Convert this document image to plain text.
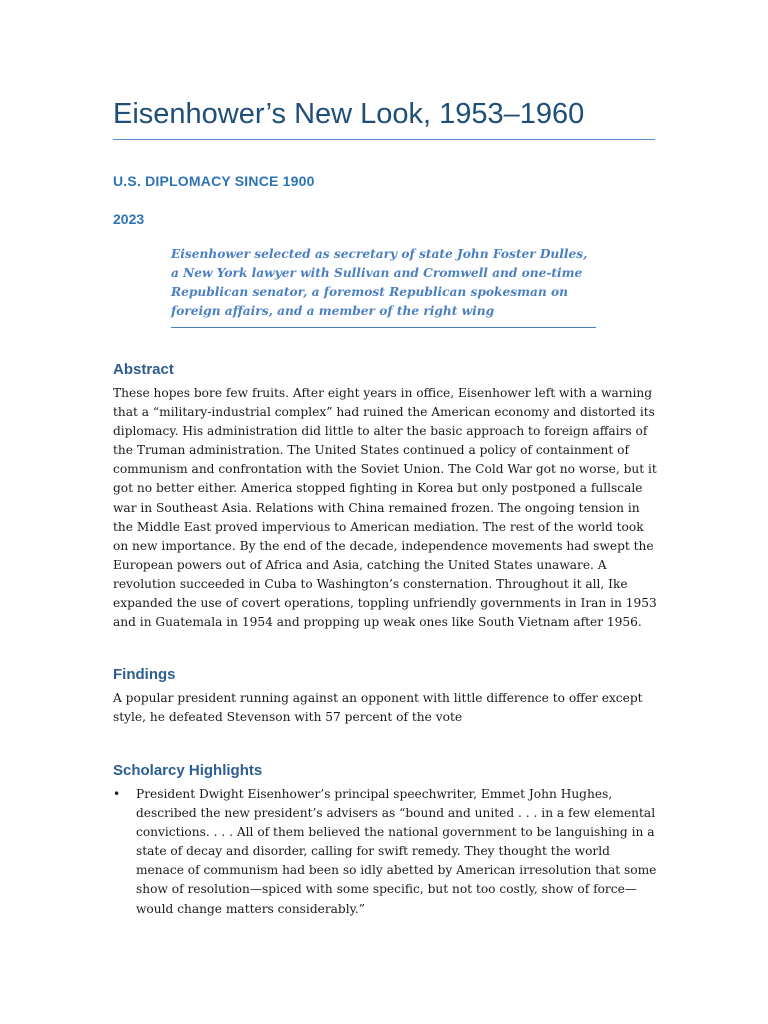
Eisenhower’s New Look, 1953–1960
U.S. DIPLOMACY SINCE 1900
2023

Eisenhower selected as secretary of state John Foster Dulles, a New York lawyer with Sullivan and Cromwell and one-time Republican senator, a foremost Republican spokesman on foreign affairs, and a member of the right wing

Abstract

These hopes bore few fruits. After eight years in office, Eisenhower left with a warning that a “military-industrial complex” had ruined the American economy and distorted its diplomacy. His administration did little to alter the basic approach to foreign affairs of the Truman administration. The United States continued a policy of containment of communism and confrontation with the Soviet Union. The Cold War got no worse, but it got no better either. America stopped fighting in Korea but only postponed a fullscale war in Southeast Asia. Relations with China remained frozen. The ongoing tension in the Middle East proved impervious to American mediation. The rest of the world took on new importance. By the end of the decade, independence movements had swept the European powers out of Africa and Asia, catching the United States unaware. A revolution succeeded in Cuba to Washington’s consternation. Throughout it all, Ike expanded the use of covert operations, toppling unfriendly governments in Iran in 1953 and in Guatemala in 1954 and propping up weak ones like South Vietnam after 1956.

Findings

A popular president running against an opponent with little difference to offer except style, he defeated Stevenson with 57 percent of the vote

Scholarcy Highlights
• President Dwight Eisenhower’s principal speechwriter, Emmet John Hughes, described the new president’s advisers as “bound and united . . . in a few elemental convictions. . . . All of them believed the national government to be languishing in a state of decay and disorder, calling for swift remedy. They thought the world menace of communism had been so idly abetted by American irresolution that some show of resolution—spiced with some specific, but not too costly, show of force—would change matters considerably.”
